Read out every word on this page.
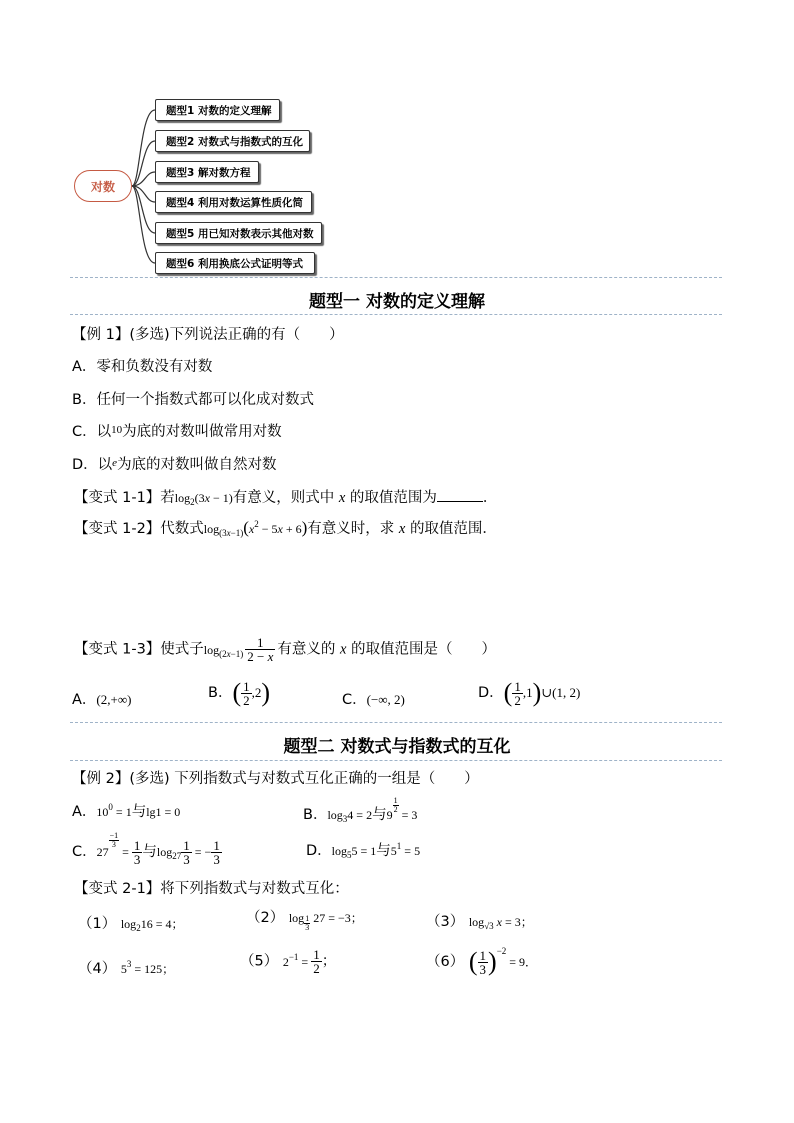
对数
题型1 对数的定义理解
题型2 对数式与指数式的互化
题型3 解对数方程
题型4 利用对数运算性质化简
题型5 用已知对数表示其他对数
题型6 利用换底公式证明等式
题型一 对数的定义理解
【例 1】(多选)下列说法正确的有（　　）
A．零和负数没有对数
B．任何一个指数式都可以化成对数式
C．以$^{10}$为底的对数叫做常用对数
D．以$^e$为底的对数叫做自然对数
【变式 1-1】若$\log_2(3x - 1)$有意义，则式中 x 的取值范围为	．
【变式 1-2】代数式$\log_{(3x-1)}(x^2 - 5x + 6)$有意义时，求 x 的取值范围．
【变式 1-3】使式子$\log_{(2x-1)} \frac{1}{2 - x}$ 有意义的 x 的取值范围是（　　）
A．(2,+∞)	B．( $\frac{1}{2} ,2$)	C．(−∞, 2)	D．( $\frac{1}{2}$ ,1)∪(1, 2)
题型二 对数式与指数式的互化
【例 2】(多选) 下列指数式与对数式互化正确的一组是（　　）
A．$10^0 = 1$与lg1 = 0	B．$\log_34 = 2$与9
$\frac{1}{2}$
= 3
C．27
$\frac{-1}{3}$
= $\frac{1}{3}$ 与$\log_{27} \frac{1}{3}$ = − $\frac{1}{3}$	D．$\log_55 = 1$与$5^1 = 5$
【变式 2-1】将下列指数式与对数式互化：
（1） $\log_216 = 4$；	（2） $\log \frac{1}{3} 27 = -3$；	（3） $\log_{√3} x = 3$；
（4） $5^3 = 125$；	（5） $2^{-1} = \frac{1}{2}$ ；	（6） ( $\frac{1}{3} )^{-2} = 9$．
